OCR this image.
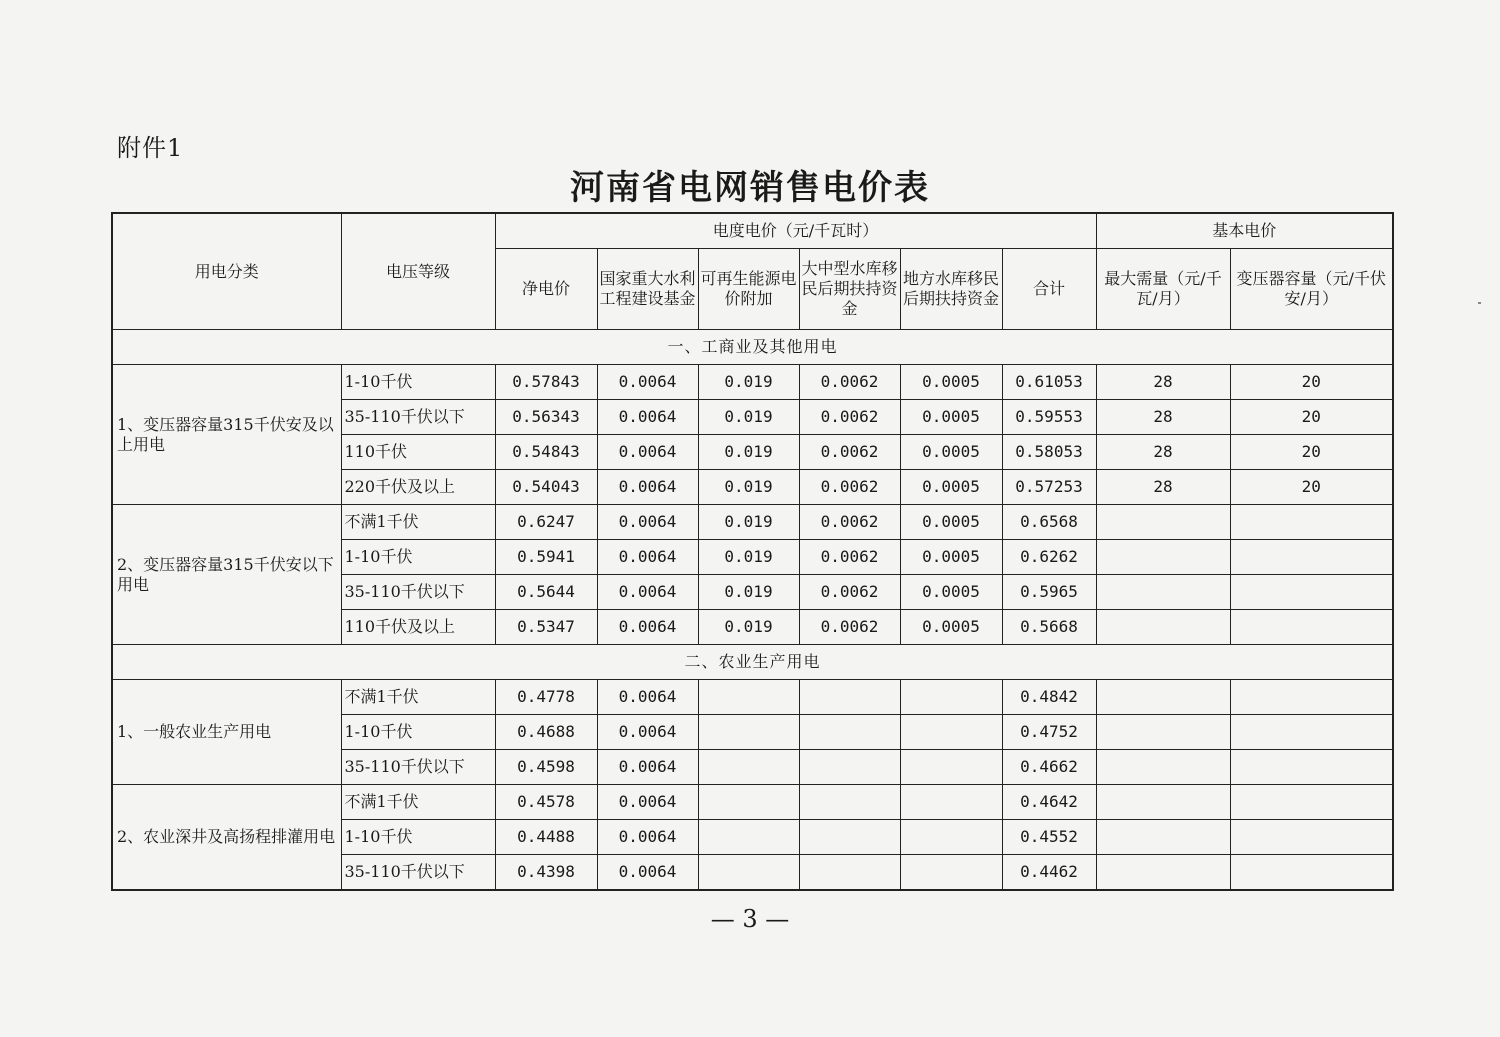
附件1
河南省电网销售电价表
用电分类	电压等级	电度电价（元/千瓦时）						基本电价	
		净电价	国家重大水利工程建设基金	可再生能源电价附加	大中型水库移民后期扶持资金	地方水库移民后期扶持资金	合计	最大需量（元/千瓦/月）	变压器容量（元/千伏安/月）
一、工商业及其他用电									
1、变压器容量315千伏安及以上用电	1-10千伏	0.57843	0.0064	0.019	0.0062	0.0005	0.61053	28	20
	35-110千伏以下	0.56343	0.0064	0.019	0.0062	0.0005	0.59553	28	20
	110千伏	0.54843	0.0064	0.019	0.0062	0.0005	0.58053	28	20
	220千伏及以上	0.54043	0.0064	0.019	0.0062	0.0005	0.57253	28	20
2、变压器容量315千伏安以下用电	不满1千伏	0.6247	0.0064	0.019	0.0062	0.0005	0.6568		
	1-10千伏	0.5941	0.0064	0.019	0.0062	0.0005	0.6262		
	35-110千伏以下	0.5644	0.0064	0.019	0.0062	0.0005	0.5965		
	110千伏及以上	0.5347	0.0064	0.019	0.0062	0.0005	0.5668		
二、农业生产用电									
1、一般农业生产用电	不满1千伏	0.4778	0.0064				0.4842		
	1-10千伏	0.4688	0.0064				0.4752		
	35-110千伏以下	0.4598	0.0064				0.4662		
2、农业深井及高扬程排灌用电	不满1千伏	0.4578	0.0064				0.4642		
	1-10千伏	0.4488	0.0064				0.4552		
	35-110千伏以下	0.4398	0.0064				0.4462		
— 3 —
